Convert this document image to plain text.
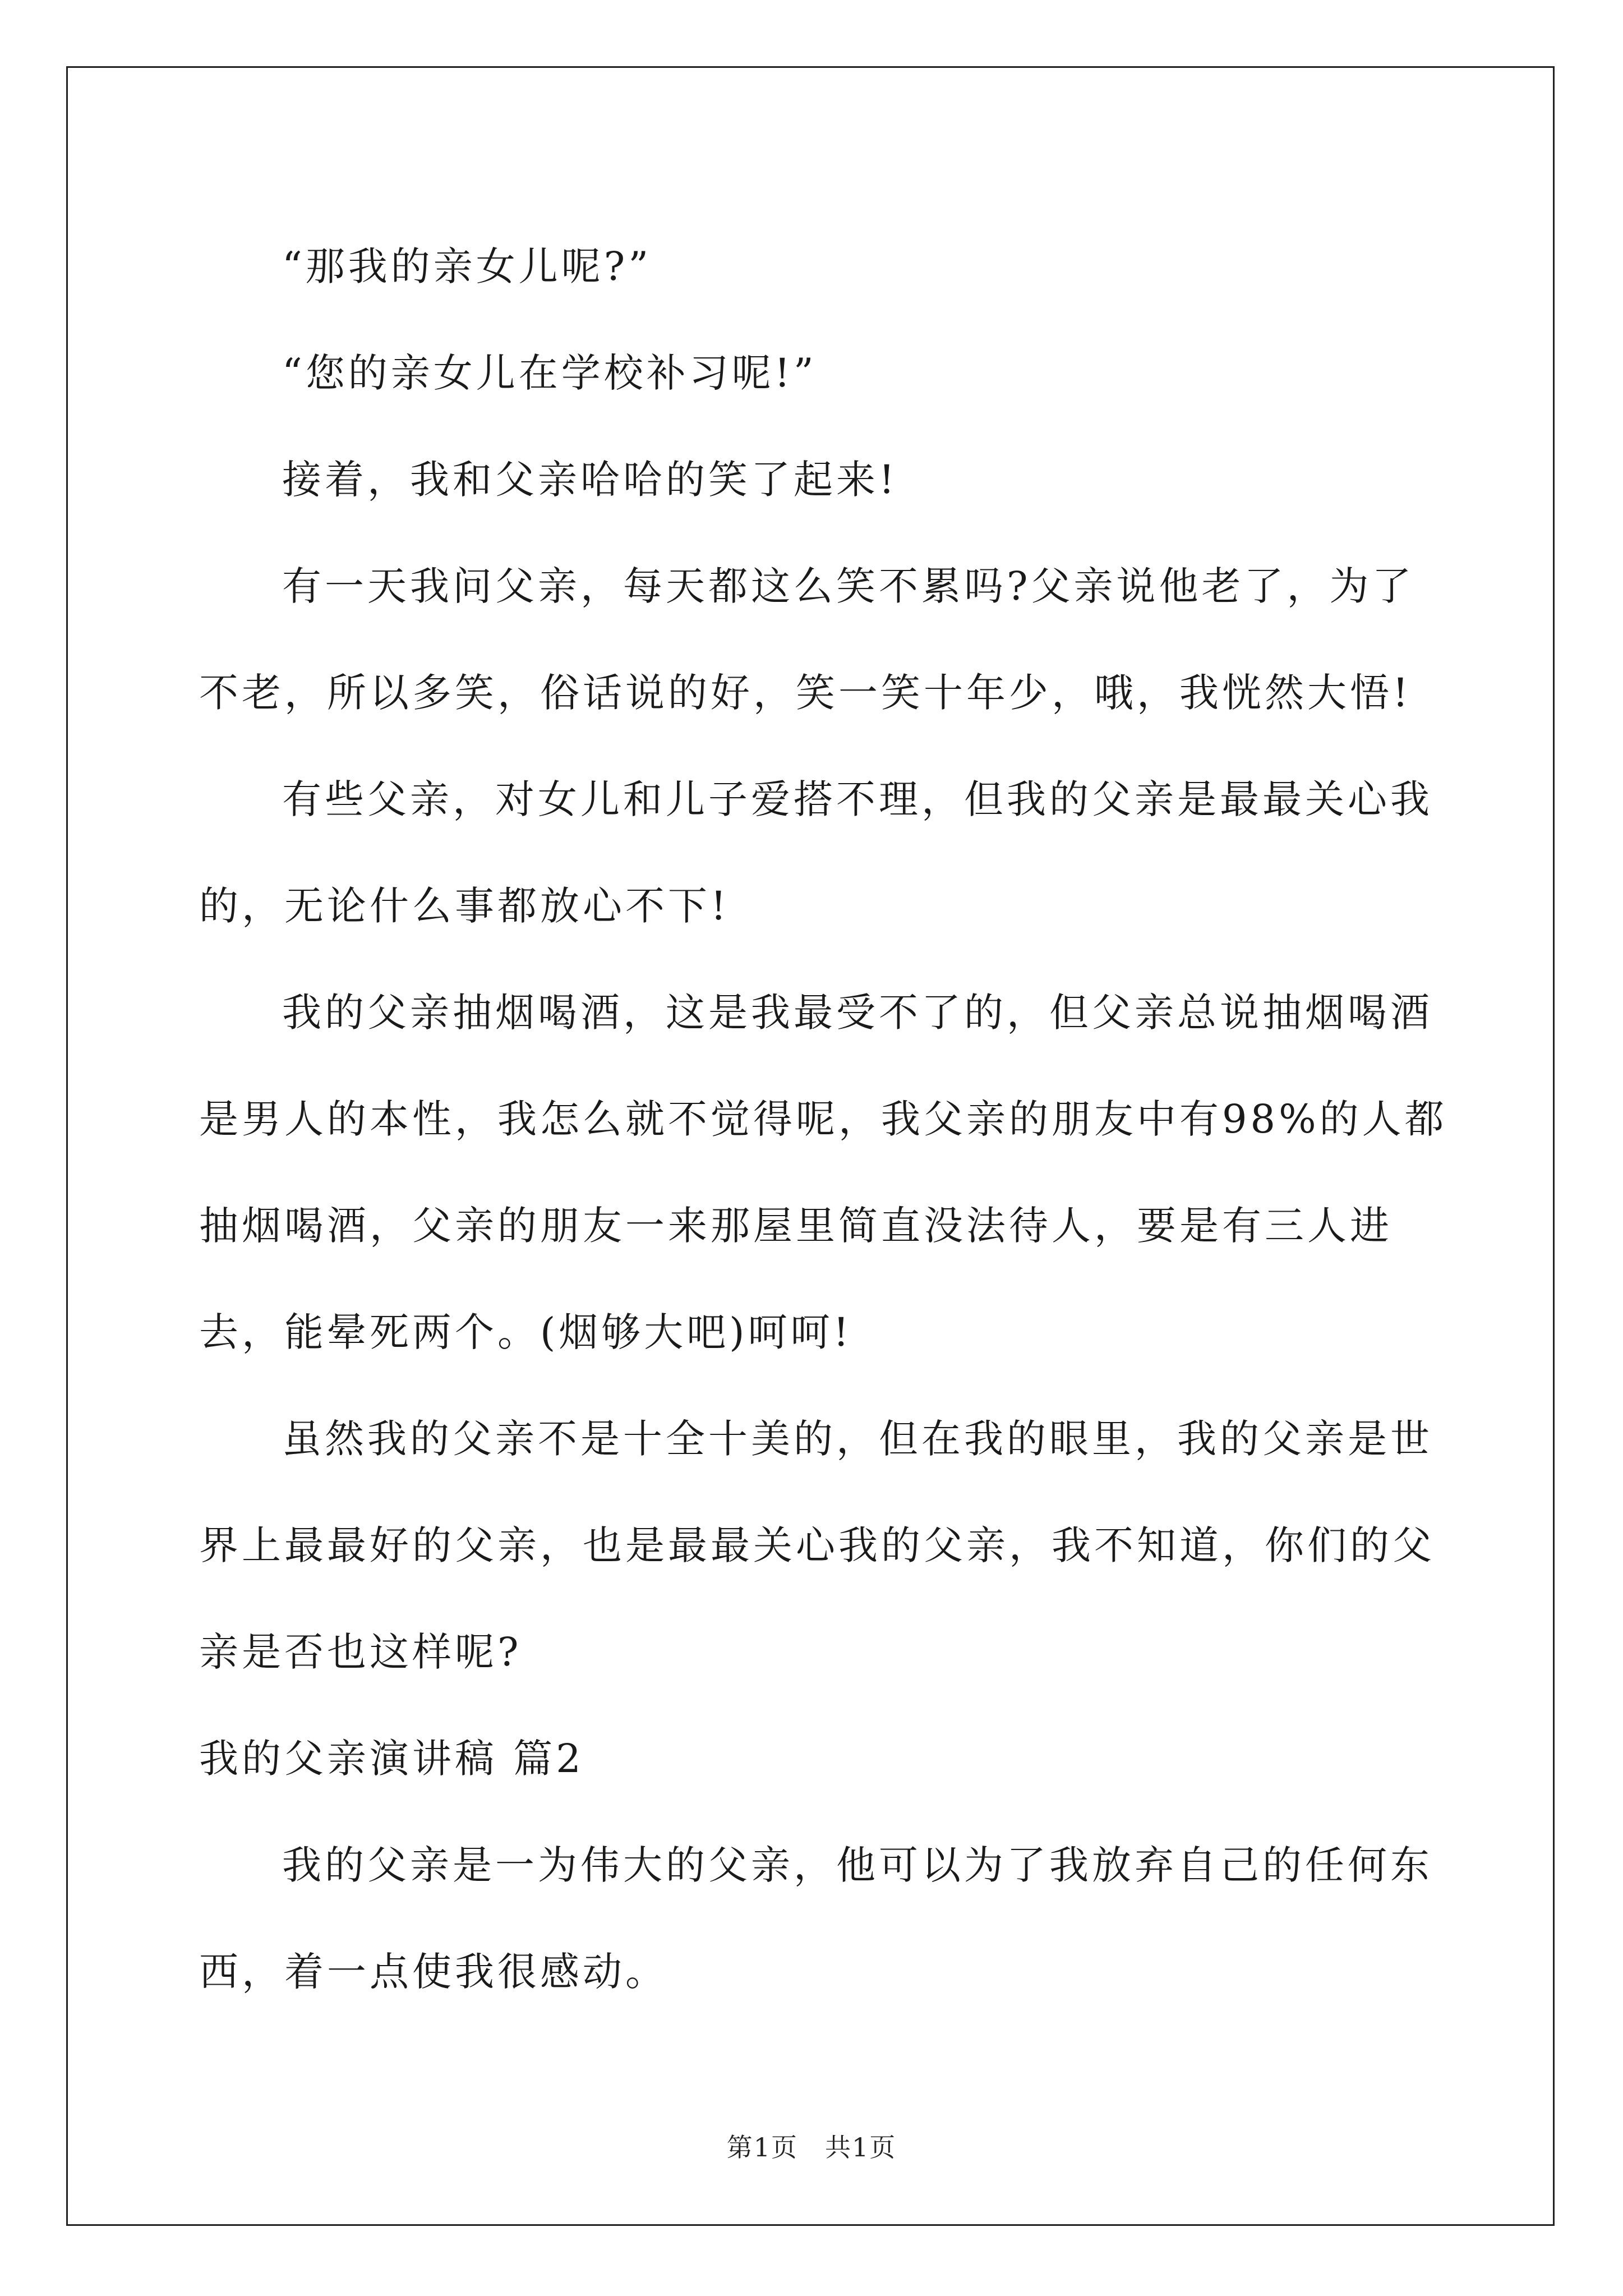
“那我的亲女儿呢?”

“您的亲女儿在学校补习呢!”

接着，我和父亲哈哈的笑了起来!

有一天我问父亲，每天都这么笑不累吗?父亲说他老了，为了不老，所以多笑，俗话说的好，笑一笑十年少，哦，我恍然大悟!

有些父亲，对女儿和儿子爱搭不理，但我的父亲是最最关心我的，无论什么事都放心不下!

我的父亲抽烟喝酒，这是我最受不了的，但父亲总说抽烟喝酒是男人的本性，我怎么就不觉得呢，我父亲的朋友中有98%的人都抽烟喝酒，父亲的朋友一来那屋里简直没法待人，要是有三人进去，能晕死两个。(烟够大吧)呵呵!

虽然我的父亲不是十全十美的，但在我的眼里，我的父亲是世界上最最好的父亲，也是最最关心我的父亲，我不知道，你们的父亲是否也这样呢?

我的父亲演讲稿 篇2

我的父亲是一为伟大的父亲，他可以为了我放弃自己的任何东西，着一点使我很感动。

第1页 共1页
